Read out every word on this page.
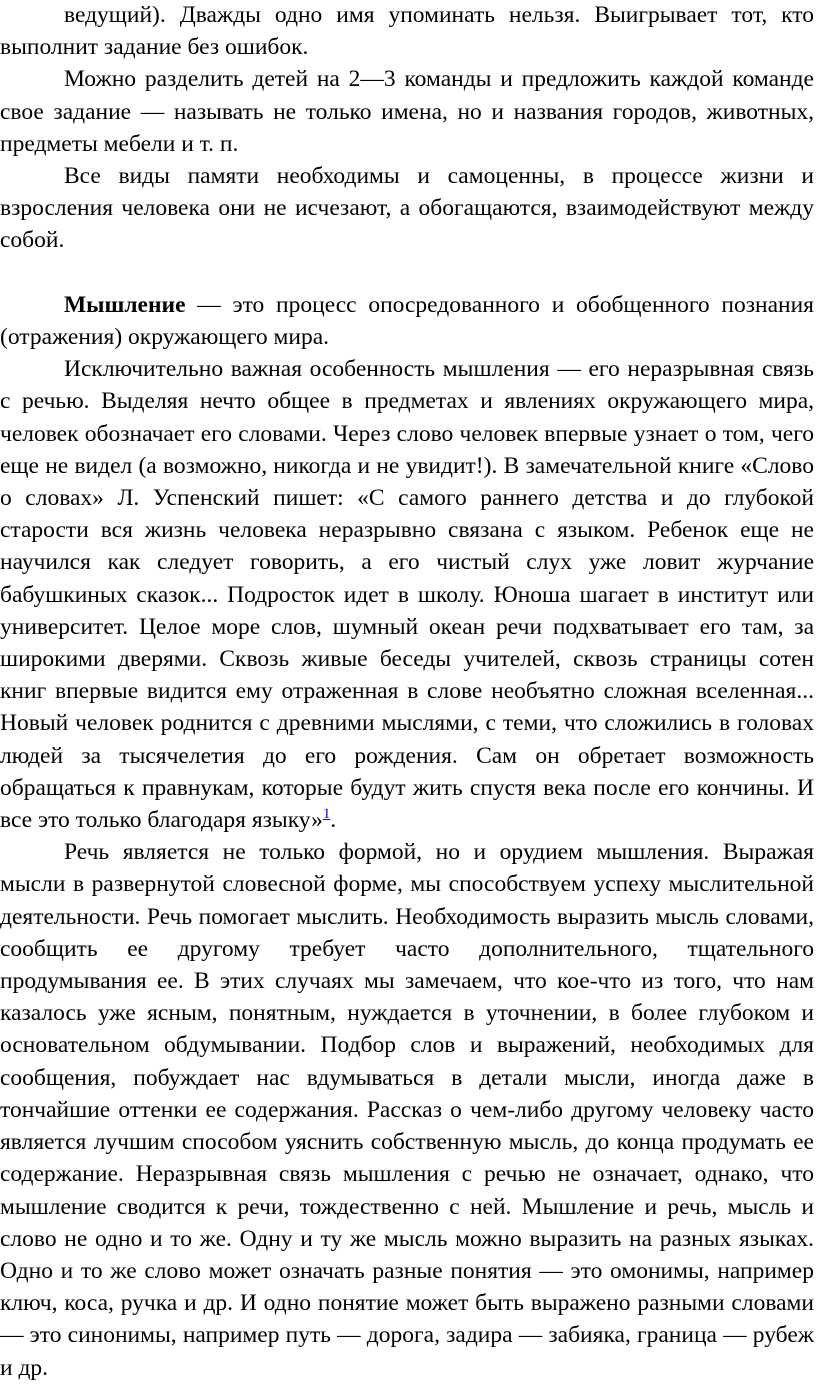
ведущий). Дважды одно имя упоминать нельзя. Выигрывает тот, кто выполнит задание без ошибок.

Можно разделить детей на 2—3 команды и предложить каждой команде свое задание — называть не только имена, но и названия городов, животных, предметы мебели и т. п.

Все виды памяти необходимы и самоценны, в процессе жизни и взросления человека они не исчезают, а обогащаются, взаимодействуют между собой.

Мышление — это процесс опосредованного и обобщенного познания (отражения) окружающего мира.

Исключительно важная особенность мышления — его неразрывная связь с речью. Выделяя нечто общее в предметах и явлениях окружающего мира, человек обозначает его словами. Через слово человек впервые узнает о том, чего еще не видел (а возможно, никогда и не увидит!). В замечательной книге «Слово о словах» Л. Успенский пишет: «С самого раннего детства и до глубокой старости вся жизнь человека неразрывно связана с языком. Ребенок еще не научился как следует говорить, а его чистый слух уже ловит журчание бабушкиных сказок... Подросток идет в школу. Юноша шагает в институт или университет. Целое море слов, шумный океан речи подхватывает его там, за широкими дверями. Сквозь живые беседы учителей, сквозь страницы сотен книг впервые видится ему отраженная в слове необъятно сложная вселенная... Новый человек роднится с древними мыслями, с теми, что сложились в головах людей за тысячелетия до его рождения. Сам он обретает возможность обращаться к правнукам, которые будут жить спустя века после его кончины. И все это только благодаря языку»$^1$.

Речь является не только формой, но и орудием мышления. Выражая мысли в развернутой словесной форме, мы способствуем успеху мыслительной деятельности. Речь помогает мыслить. Необходимость выразить мысль словами, сообщить ее другому требует часто дополнительного, тщательного продумывания ее. В этих случаях мы замечаем, что кое-что из того, что нам казалось уже ясным, понятным, нуждается в уточнении, в более глубоком и основательном обдумывании. Подбор слов и выражений, необходимых для сообщения, побуждает нас вдумываться в детали мысли, иногда даже в тончайшие оттенки ее содержания. Рассказ о чем-либо другому человеку часто является лучшим способом уяснить собственную мысль, до конца продумать ее содержание. Неразрывная связь мышления с речью не означает, однако, что мышление сводится к речи, тождественно с ней. Мышление и речь, мысль и слово не одно и то же. Одну и ту же мысль можно выразить на разных языках. Одно и то же слово может означать разные понятия — это омонимы, например ключ, коса, ручка и др. И одно понятие может быть выражено разными словами — это синонимы, например путь — дорога, задира — забияка, граница — рубеж и др.
